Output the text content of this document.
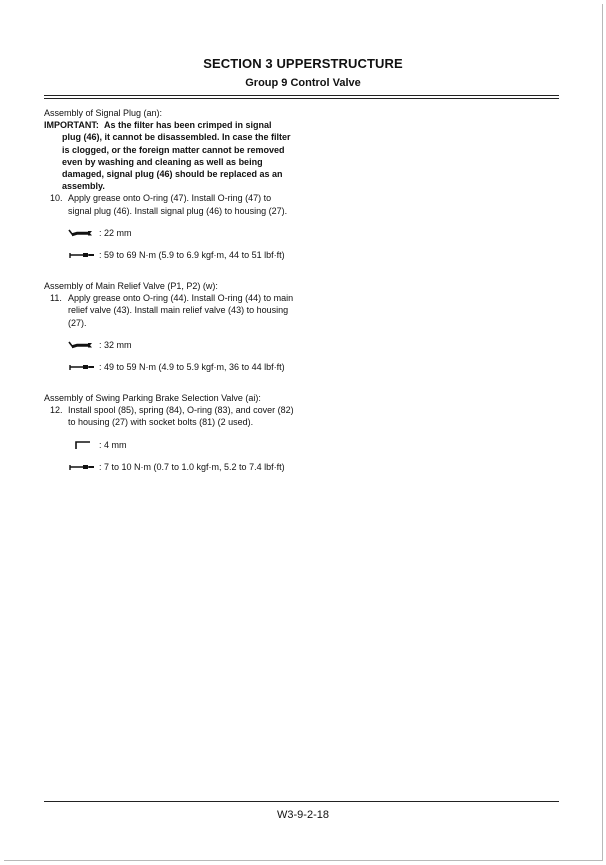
SECTION 3 UPPERSTRUCTURE
Group 9 Control Valve

Assembly of Signal Plug (an):

IMPORTANT: As the filter has been crimped in signal
plug (46), it cannot be disassembled. In case the filter is clogged, or the foreign matter cannot be removed even by washing and cleaning as well as being damaged, signal plug (46) should be replaced as an assembly.
10. Apply grease onto O-ring (47). Install O-ring (47) to signal plug (46). Install signal plug (46) to housing (27).
: 22 mm
: 59 to 69 N·m (5.9 to 6.9 kgf·m, 44 to 51 lbf·ft)

Assembly of Main Relief Valve (P1, P2) (w):

11. Apply grease onto O-ring (44). Install O-ring (44) to main relief valve (43). Install main relief valve (43) to housing (27).
: 32 mm
: 49 to 59 N·m (4.9 to 5.9 kgf·m, 36 to 44 lbf·ft)

Assembly of Swing Parking Brake Selection Valve (ai):

12. Install spool (85), spring (84), O-ring (83), and cover (82) to housing (27) with socket bolts (81) (2 used).
: 4 mm
: 7 to 10 N·m (0.7 to 1.0 kgf·m, 5.2 to 7.4 lbf·ft)
W3-9-2-18
